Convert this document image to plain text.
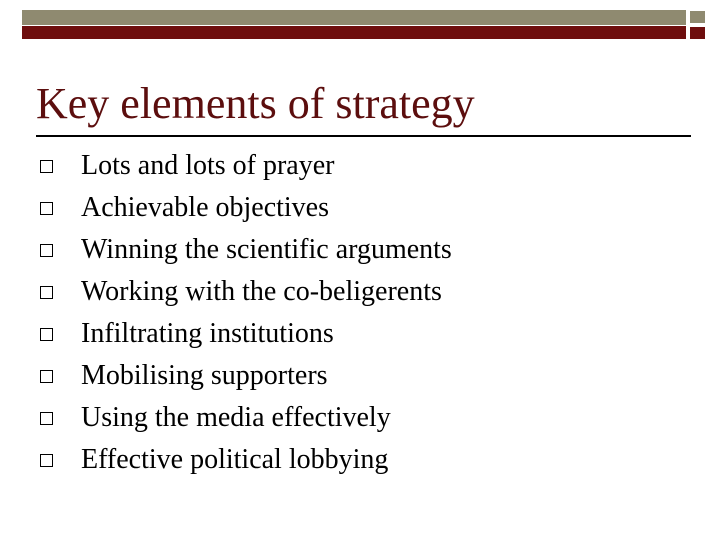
Key elements of strategy
Lots and lots of prayer
Achievable objectives
Winning the scientific arguments
Working with the co-beligerents
Infiltrating institutions
Mobilising supporters
Using the media effectively
Effective political lobbying
